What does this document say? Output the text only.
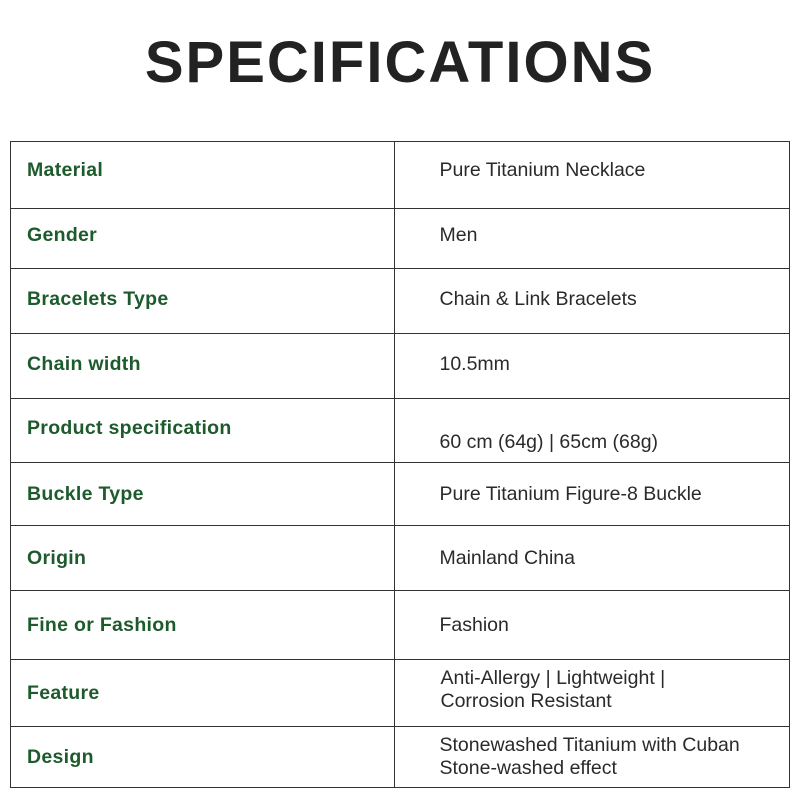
SPECIFICATIONS
Material	Pure Titanium Necklace

Gender	Men

Bracelets Type	Chain & Link Bracelets

Chain width	10.5mm

Product specification	60 cm (64g) | 65cm (68g)

Buckle Type	Pure Titanium Figure-8 Buckle

Origin	Mainland China

Fine or Fashion	Fashion

Feature	Anti-Allergy | Lightweight |
Corrosion Resistant

Design	Stonewashed Titanium with Cuban
Stone-washed effect
